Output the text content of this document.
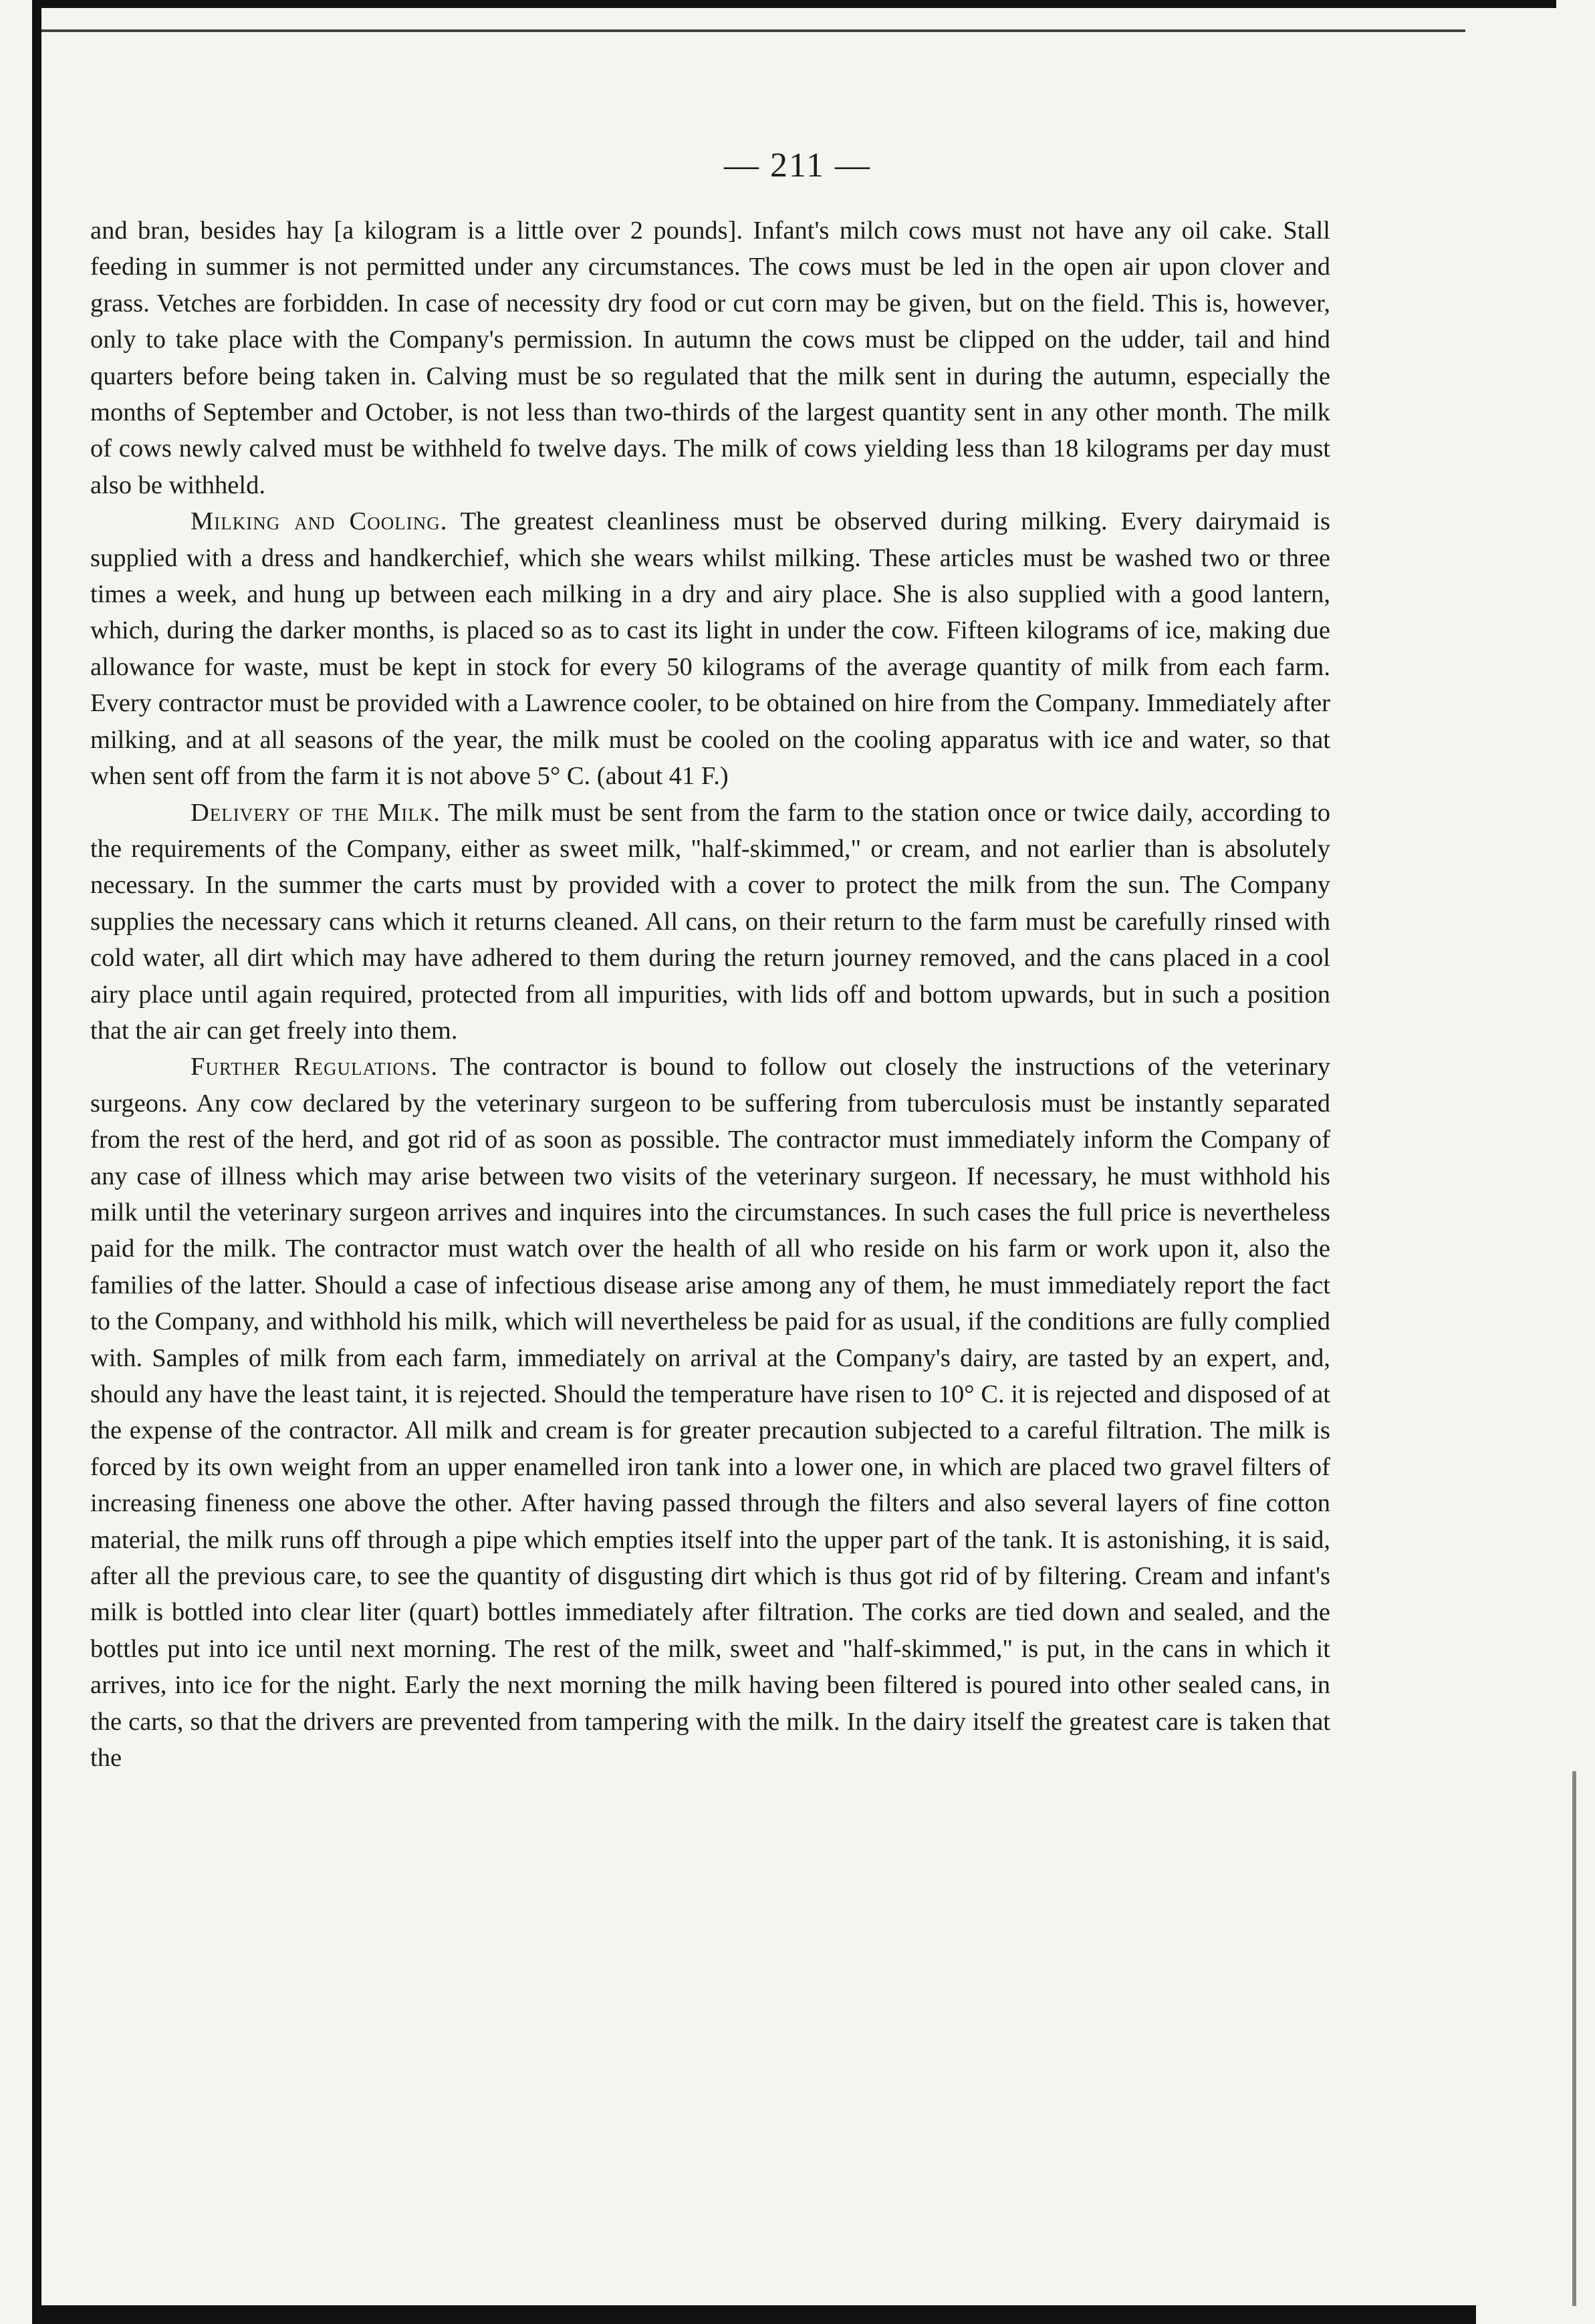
— 211 —

and bran, besides hay [a kilogram is a little over 2 pounds]. Infant's milch cows must not have any oil cake. Stall feeding in summer is not permitted under any circumstances. The cows must be led in the open air upon clover and grass. Vetches are forbidden. In case of necessity dry food or cut corn may be given, but on the field. This is, however, only to take place with the Company's permission. In autumn the cows must be clipped on the udder, tail and hind quarters before being taken in. Calving must be so regulated that the milk sent in during the autumn, especially the months of September and October, is not less than two-thirds of the largest quantity sent in any other month. The milk of cows newly calved must be withheld fo twelve days. The milk of cows yielding less than 18 kilograms per day must also be withheld.

Milking and Cooling. The greatest cleanliness must be observed during milking. Every dairymaid is supplied with a dress and handkerchief, which she wears whilst milking. These articles must be washed two or three times a week, and hung up between each milking in a dry and airy place. She is also supplied with a good lantern, which, during the darker months, is placed so as to cast its light in under the cow. Fifteen kilograms of ice, making due allowance for waste, must be kept in stock for every 50 kilograms of the average quantity of milk from each farm. Every contractor must be provided with a Lawrence cooler, to be obtained on hire from the Company. Immediately after milking, and at all seasons of the year, the milk must be cooled on the cooling apparatus with ice and water, so that when sent off from the farm it is not above 5° C. (about 41 F.)

Delivery of the Milk. The milk must be sent from the farm to the station once or twice daily, according to the requirements of the Company, either as sweet milk, "half-skimmed," or cream, and not earlier than is absolutely necessary. In the summer the carts must by provided with a cover to protect the milk from the sun. The Company supplies the necessary cans which it returns cleaned. All cans, on their return to the farm must be carefully rinsed with cold water, all dirt which may have adhered to them during the return journey removed, and the cans placed in a cool airy place until again required, protected from all impurities, with lids off and bottom upwards, but in such a position that the air can get freely into them.

Further Regulations. The contractor is bound to follow out closely the instructions of the veterinary surgeons. Any cow declared by the veterinary surgeon to be suffering from tuberculosis must be instantly separated from the rest of the herd, and got rid of as soon as possible. The contractor must immediately inform the Company of any case of illness which may arise between two visits of the veterinary surgeon. If necessary, he must withhold his milk until the veterinary surgeon arrives and inquires into the circumstances. In such cases the full price is nevertheless paid for the milk. The contractor must watch over the health of all who reside on his farm or work upon it, also the families of the latter. Should a case of infectious disease arise among any of them, he must immediately report the fact to the Company, and withhold his milk, which will nevertheless be paid for as usual, if the conditions are fully complied with. Samples of milk from each farm, immediately on arrival at the Company's dairy, are tasted by an expert, and, should any have the least taint, it is rejected. Should the temperature have risen to 10° C. it is rejected and disposed of at the expense of the contractor. All milk and cream is for greater precaution subjected to a careful filtration. The milk is forced by its own weight from an upper enamelled iron tank into a lower one, in which are placed two gravel filters of increasing fineness one above the other. After having passed through the filters and also several layers of fine cotton material, the milk runs off through a pipe which empties itself into the upper part of the tank. It is astonishing, it is said, after all the previous care, to see the quantity of disgusting dirt which is thus got rid of by filtering. Cream and infant's milk is bottled into clear liter (quart) bottles immediately after filtration. The corks are tied down and sealed, and the bottles put into ice until next morning. The rest of the milk, sweet and "half-skimmed," is put, in the cans in which it arrives, into ice for the night. Early the next morning the milk having been filtered is poured into other sealed cans, in the carts, so that the drivers are prevented from tampering with the milk. In the dairy itself the greatest care is taken that the
